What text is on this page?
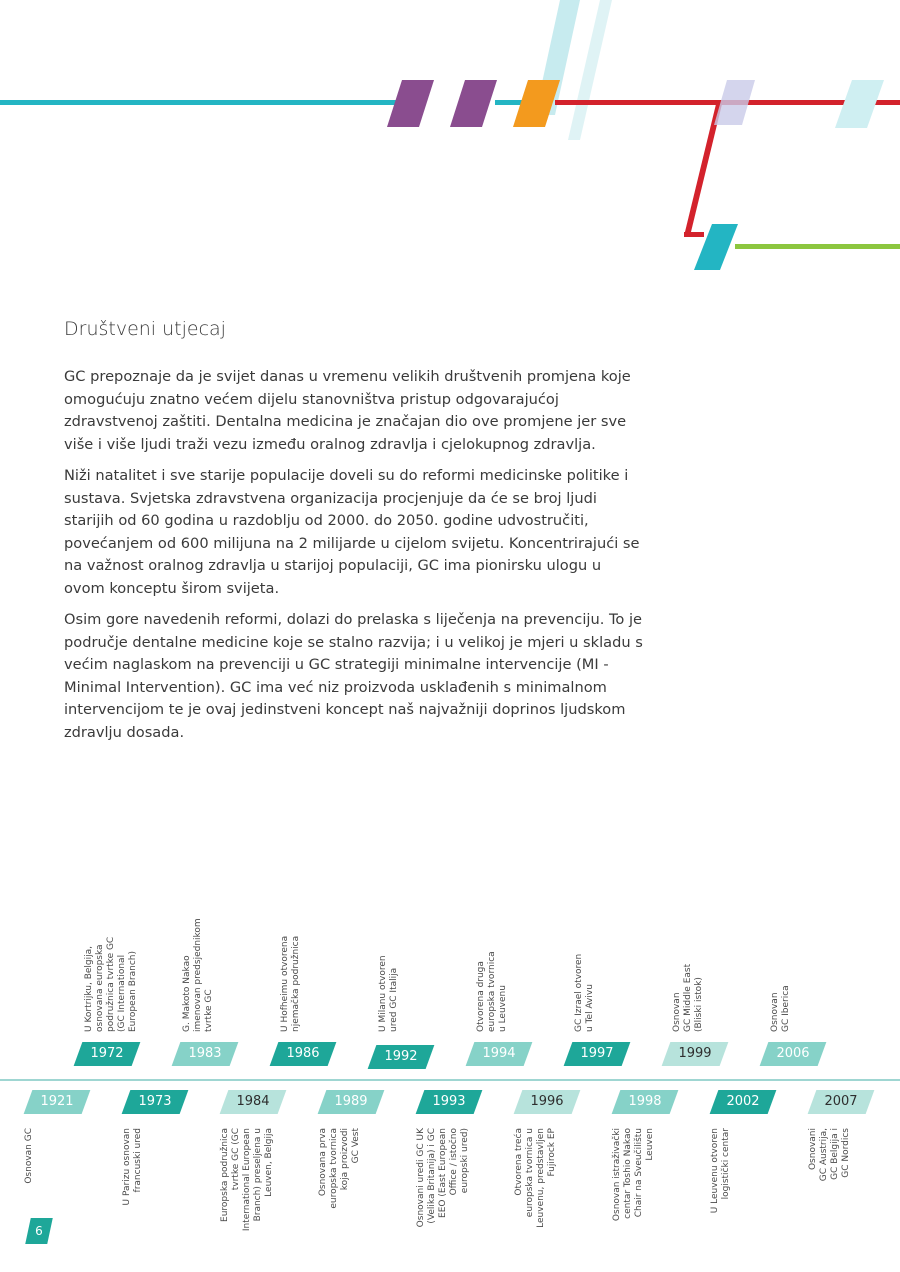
Društveni utjecaj

GC prepoznaje da je svijet danas u vremenu velikih društvenih promjena koje omogućuju znatno većem dijelu stanovništva pristup odgovarajućoj zdravstvenoj zaštiti. Dentalna medicina je značajan dio ove promjene jer sve više i više ljudi traži vezu između oralnog zdravlja i cjelokupnog zdravlja.

Niži natalitet i sve starije populacije doveli su do reformi medicinske politike i sustava. Svjetska zdravstvena organizacija procjenjuje da će se broj ljudi starijih od 60 godina u razdoblju od 2000. do 2050. godine udvostručiti, povećanjem od 600 milijuna na 2 milijarde u cijelom svijetu. Koncentrirajući se na važnost oralnog zdravlja u starijoj populaciji, GC ima pionirsku ulogu u ovom konceptu širom svijeta.

Osim gore navedenih reformi, dolazi do prelaska s liječenja na prevenciju. To je područje dentalne medicine koje se stalno razvija; i u velikoj je mjeri u skladu s većim naglaskom na prevenciji u GC strategiji minimalne intervencije (MI - Minimal Intervention). GC ima već niz proizvoda usklađenih s minimalnom intervencijom te je ovaj jedinstveni koncept naš najvažniji doprinos ljudskom zdravlju dosada.

1972
U Kortrijku, Belgija,
osnovana europska
podružnica tvrtke GC
(GC International
European Branch)
1983
G. Makoto Nakao
imenovan predsjednikom
tvrtke GC
1986
U Hofheimu otvorena
njemačka podružnica
1992
U Milanu otvoren
ured GC Italija
1994
Otvorena druga
europska tvornica
u Leuvenu
1997
GC Izrael otvoren
u Tel Avivu
1999
Osnovan
GC Middle East
(Bliski istok)
2006
Osnovan
GC Iberica
1921
Osnovan GC
1973
U Parizu osnovan
francuski ured
1984
Europska podružnica
tvrtke GC (GC
International European
Branch) preseljena u
Leuven, Belgija
1989
Osnovana prva
europska tvornica
koja proizvodi
GC Vest
1993
Osnovani uredi GC UK
(Velika Britanija) i GC
EEO (East European
Office / istočno
europski ured)
1996
Otvorena treća
europska tvornica u
Leuvenu, predstavljen
Fujirock EP
1998
Osnovan istraživački
centar Toshio Nakao
Chair na Sveučilištu
Leuven
2002
U Leuvenu otvoren
logistički centar
2007
Osnovani
GC Austrija,
GC Belgija i
GC Nordics
6
